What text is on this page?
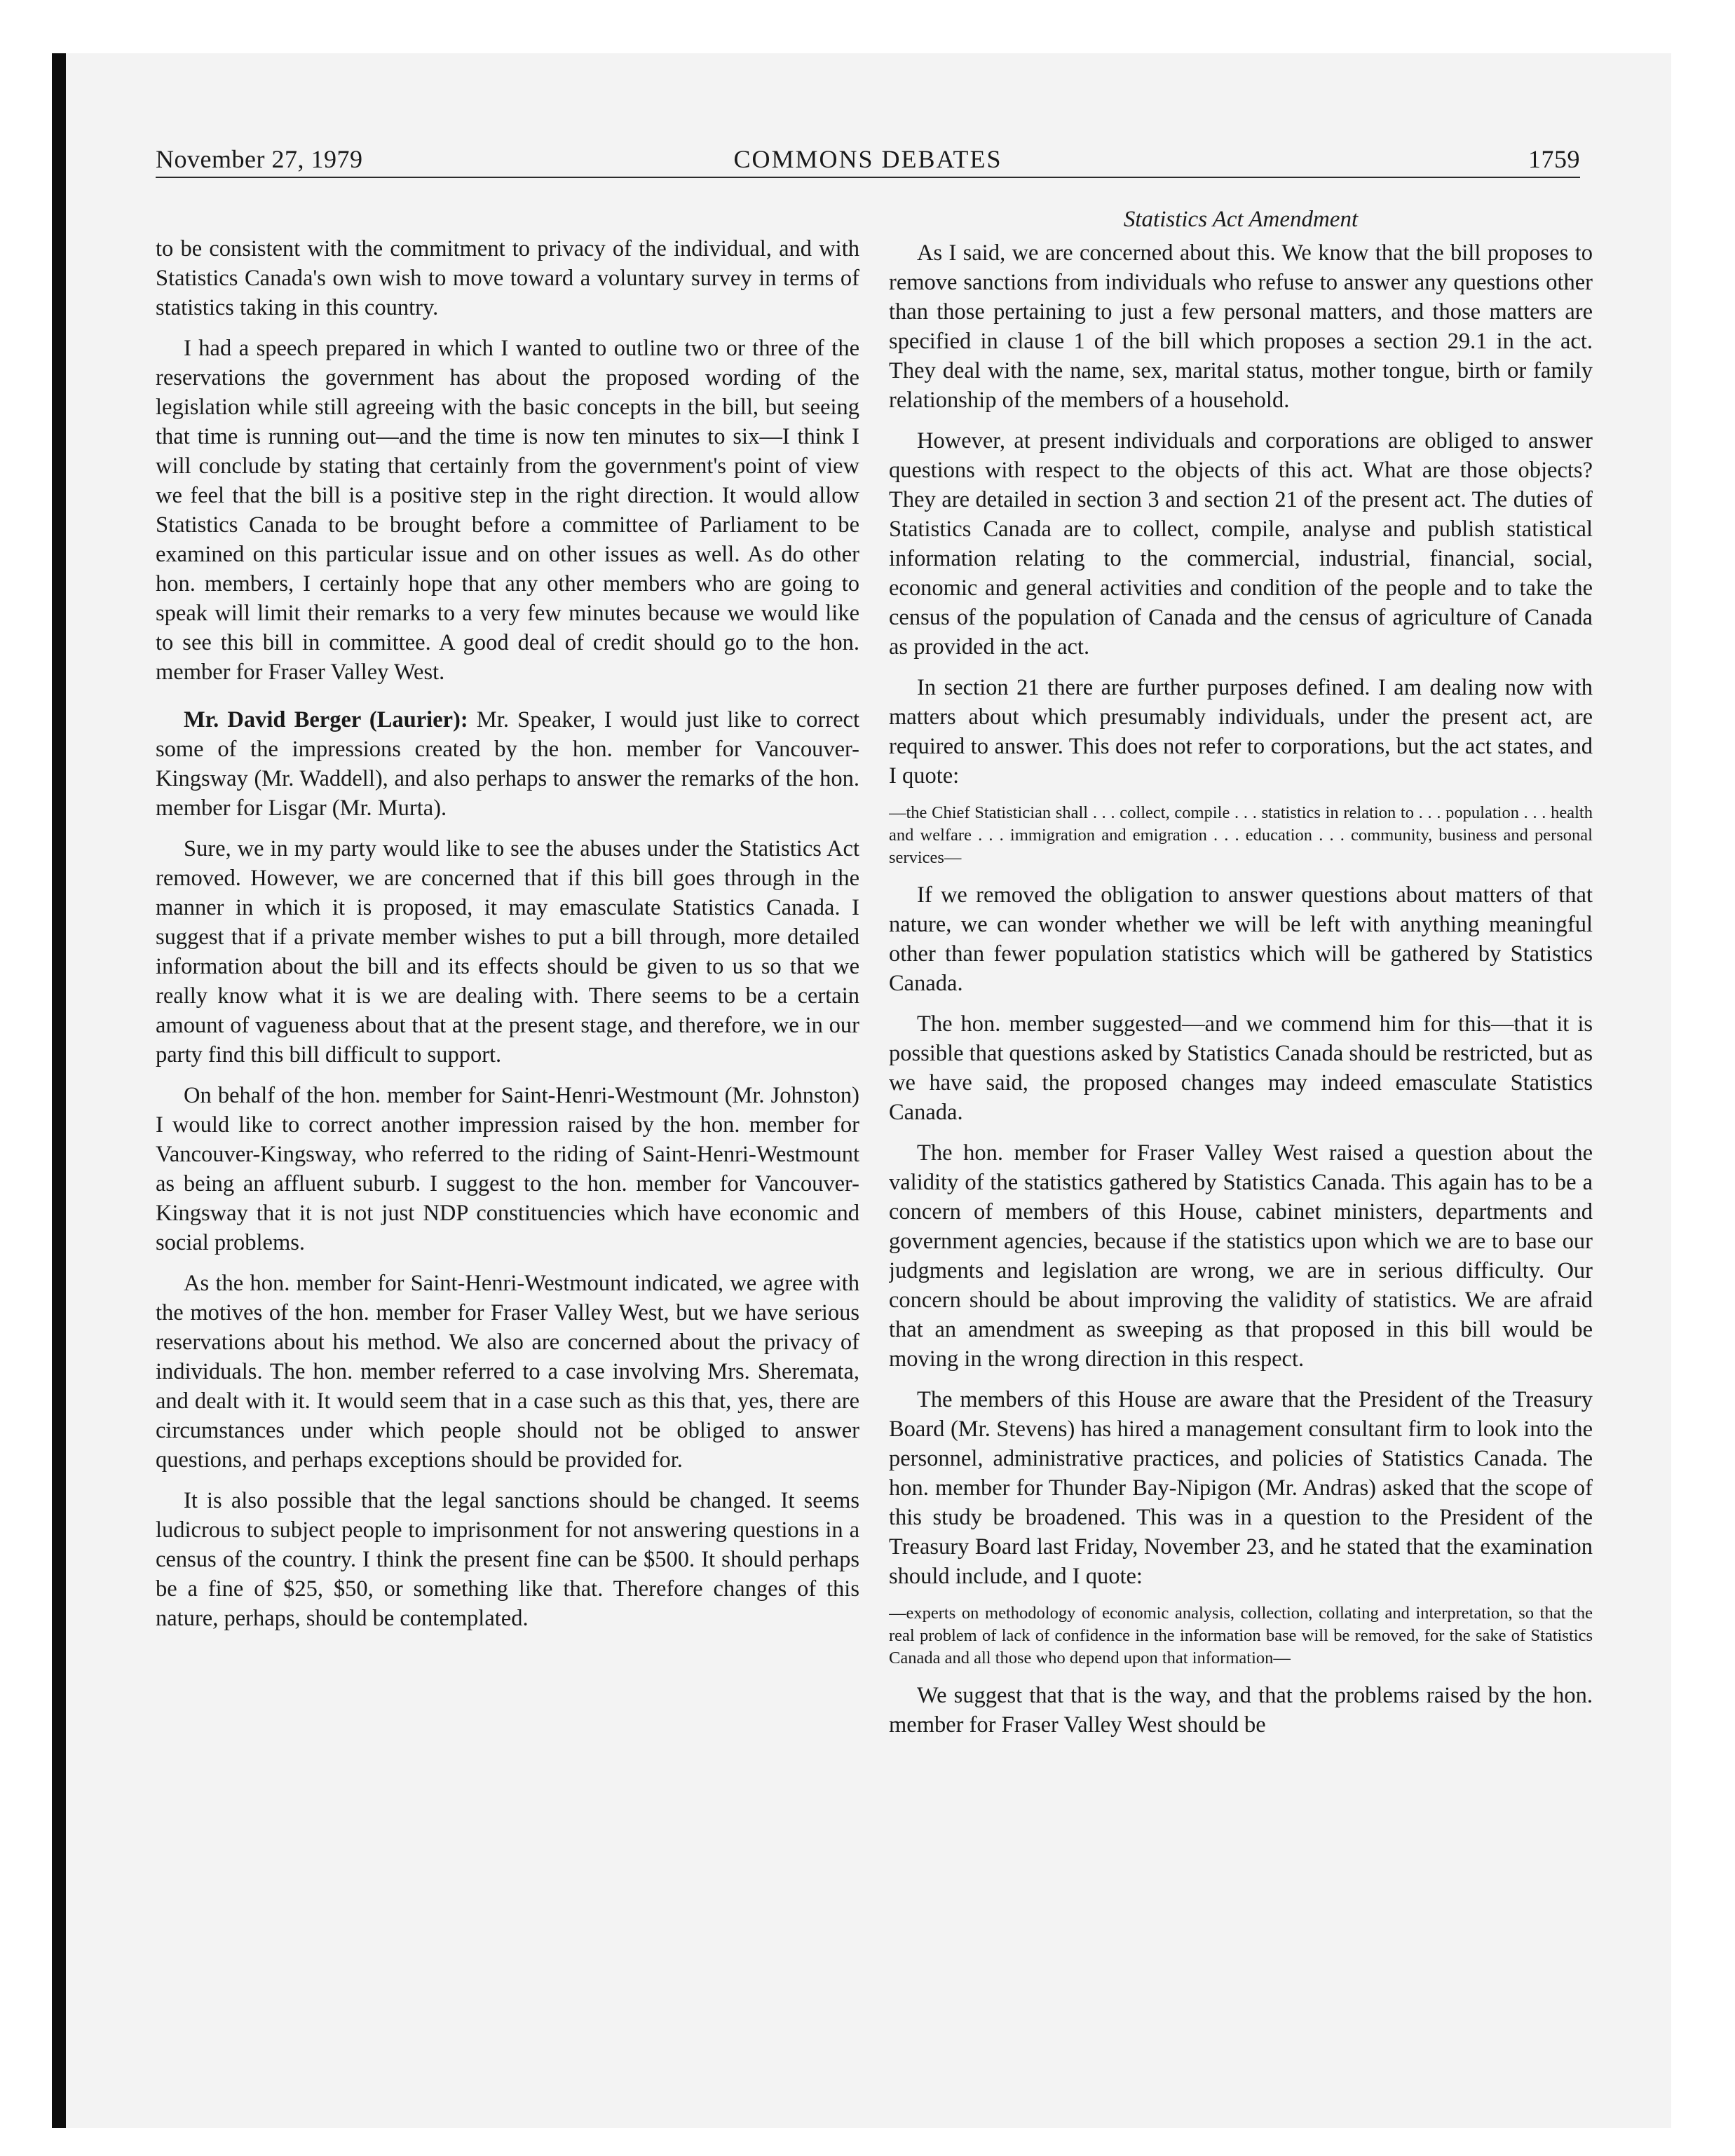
November 27, 1979	COMMONS DEBATES	1759

to be consistent with the commitment to privacy of the individual, and with Statistics Canada's own wish to move toward a voluntary survey in terms of statistics taking in this country.

I had a speech prepared in which I wanted to outline two or three of the reservations the government has about the proposed wording of the legislation while still agreeing with the basic concepts in the bill, but seeing that time is running out—and the time is now ten minutes to six—I think I will conclude by stating that certainly from the government's point of view we feel that the bill is a positive step in the right direction. It would allow Statistics Canada to be brought before a committee of Parliament to be examined on this particular issue and on other issues as well. As do other hon. members, I certainly hope that any other members who are going to speak will limit their remarks to a very few minutes because we would like to see this bill in committee. A good deal of credit should go to the hon. member for Fraser Valley West.

Mr. David Berger (Laurier): Mr. Speaker, I would just like to correct some of the impressions created by the hon. member for Vancouver-Kingsway (Mr. Waddell), and also perhaps to answer the remarks of the hon. member for Lisgar (Mr. Murta).

Sure, we in my party would like to see the abuses under the Statistics Act removed. However, we are concerned that if this bill goes through in the manner in which it is proposed, it may emasculate Statistics Canada. I suggest that if a private member wishes to put a bill through, more detailed information about the bill and its effects should be given to us so that we really know what it is we are dealing with. There seems to be a certain amount of vagueness about that at the present stage, and therefore, we in our party find this bill difficult to support.

On behalf of the hon. member for Saint-Henri-Westmount (Mr. Johnston) I would like to correct another impression raised by the hon. member for Vancouver-Kingsway, who referred to the riding of Saint-Henri-Westmount as being an affluent suburb. I suggest to the hon. member for Vancouver-Kingsway that it is not just NDP constituencies which have economic and social problems.

As the hon. member for Saint-Henri-Westmount indicated, we agree with the motives of the hon. member for Fraser Valley West, but we have serious reservations about his method. We also are concerned about the privacy of individuals. The hon. member referred to a case involving Mrs. Sheremata, and dealt with it. It would seem that in a case such as this that, yes, there are circumstances under which people should not be obliged to answer questions, and perhaps exceptions should be provided for.

It is also possible that the legal sanctions should be changed. It seems ludicrous to subject people to imprisonment for not answering questions in a census of the country. I think the present fine can be $500. It should perhaps be a fine of $25, $50, or something like that. Therefore changes of this nature, perhaps, should be contemplated.

Statistics Act Amendment

As I said, we are concerned about this. We know that the bill proposes to remove sanctions from individuals who refuse to answer any questions other than those pertaining to just a few personal matters, and those matters are specified in clause 1 of the bill which proposes a section 29.1 in the act. They deal with the name, sex, marital status, mother tongue, birth or family relationship of the members of a household.

However, at present individuals and corporations are obliged to answer questions with respect to the objects of this act. What are those objects? They are detailed in section 3 and section 21 of the present act. The duties of Statistics Canada are to collect, compile, analyse and publish statistical information relating to the commercial, industrial, financial, social, economic and general activities and condition of the people and to take the census of the population of Canada and the census of agriculture of Canada as provided in the act.

In section 21 there are further purposes defined. I am dealing now with matters about which presumably individuals, under the present act, are required to answer. This does not refer to corporations, but the act states, and I quote:

—the Chief Statistician shall . . . collect, compile . . . statistics in relation to . . . population . . . health and welfare . . . immigration and emigration . . . education . . . community, business and personal services—

If we removed the obligation to answer questions about matters of that nature, we can wonder whether we will be left with anything meaningful other than fewer population statistics which will be gathered by Statistics Canada.

The hon. member suggested—and we commend him for this—that it is possible that questions asked by Statistics Canada should be restricted, but as we have said, the proposed changes may indeed emasculate Statistics Canada.

The hon. member for Fraser Valley West raised a question about the validity of the statistics gathered by Statistics Canada. This again has to be a concern of members of this House, cabinet ministers, departments and government agencies, because if the statistics upon which we are to base our judgments and legislation are wrong, we are in serious difficulty. Our concern should be about improving the validity of statistics. We are afraid that an amendment as sweeping as that proposed in this bill would be moving in the wrong direction in this respect.

The members of this House are aware that the President of the Treasury Board (Mr. Stevens) has hired a management consultant firm to look into the personnel, administrative practices, and policies of Statistics Canada. The hon. member for Thunder Bay-Nipigon (Mr. Andras) asked that the scope of this study be broadened. This was in a question to the President of the Treasury Board last Friday, November 23, and he stated that the examination should include, and I quote:

—experts on methodology of economic analysis, collection, collating and interpretation, so that the real problem of lack of confidence in the information base will be removed, for the sake of Statistics Canada and all those who depend upon that information—

We suggest that that is the way, and that the problems raised by the hon. member for Fraser Valley West should be
